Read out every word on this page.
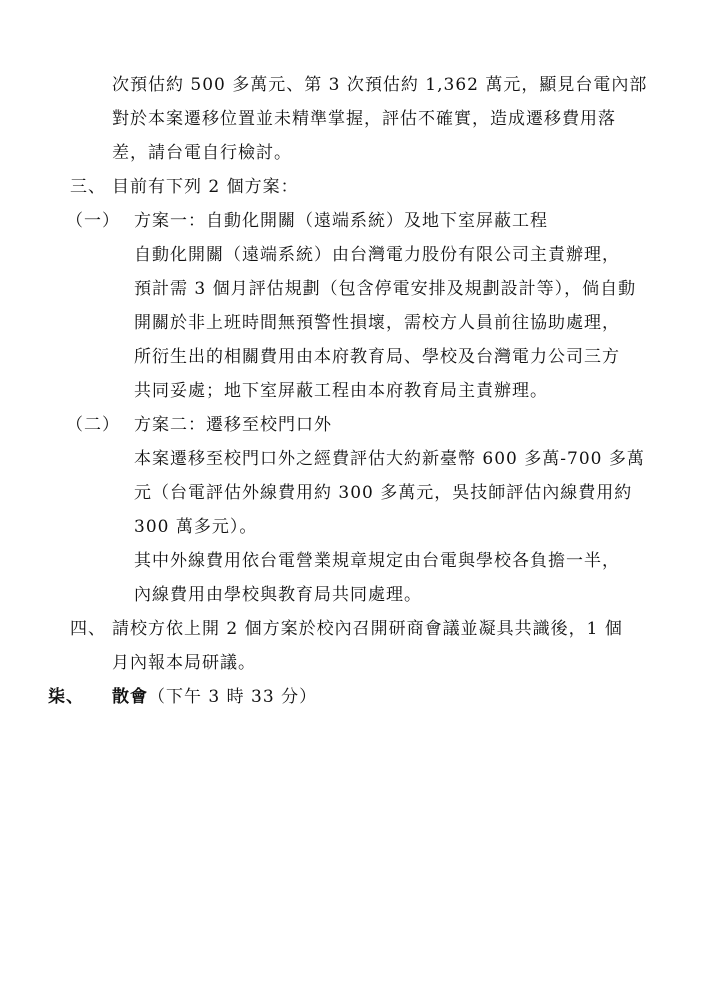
次預估約 500 多萬元、第 3 次預估約 1,362 萬元，顯見台電內部
對於本案遷移位置並未精準掌握，評估不確實，造成遷移費用落
差，請台電自行檢討。
三、 目前有下列 2 個方案：
（一） 方案一：自動化開關（遠端系統）及地下室屏蔽工程
自動化開關（遠端系統）由台灣電力股份有限公司主責辦理，
預計需 3 個月評估規劃（包含停電安排及規劃設計等），倘自動
開關於非上班時間無預警性損壞，需校方人員前往協助處理，
所衍生出的相關費用由本府教育局、學校及台灣電力公司三方
共同妥處；地下室屏蔽工程由本府教育局主責辦理。
（二） 方案二：遷移至校門口外
本案遷移至校門口外之經費評估大約新臺幣 600 多萬-700 多萬
元（台電評估外線費用約 300 多萬元，吳技師評估內線費用約
300 萬多元）。
其中外線費用依台電營業規章規定由台電與學校各負擔一半，
內線費用由學校與教育局共同處理。
四、 請校方依上開 2 個方案於校內召開研商會議並凝具共識後，1 個
月內報本局研議。
柒、 散會（下午 3 時 33 分）
